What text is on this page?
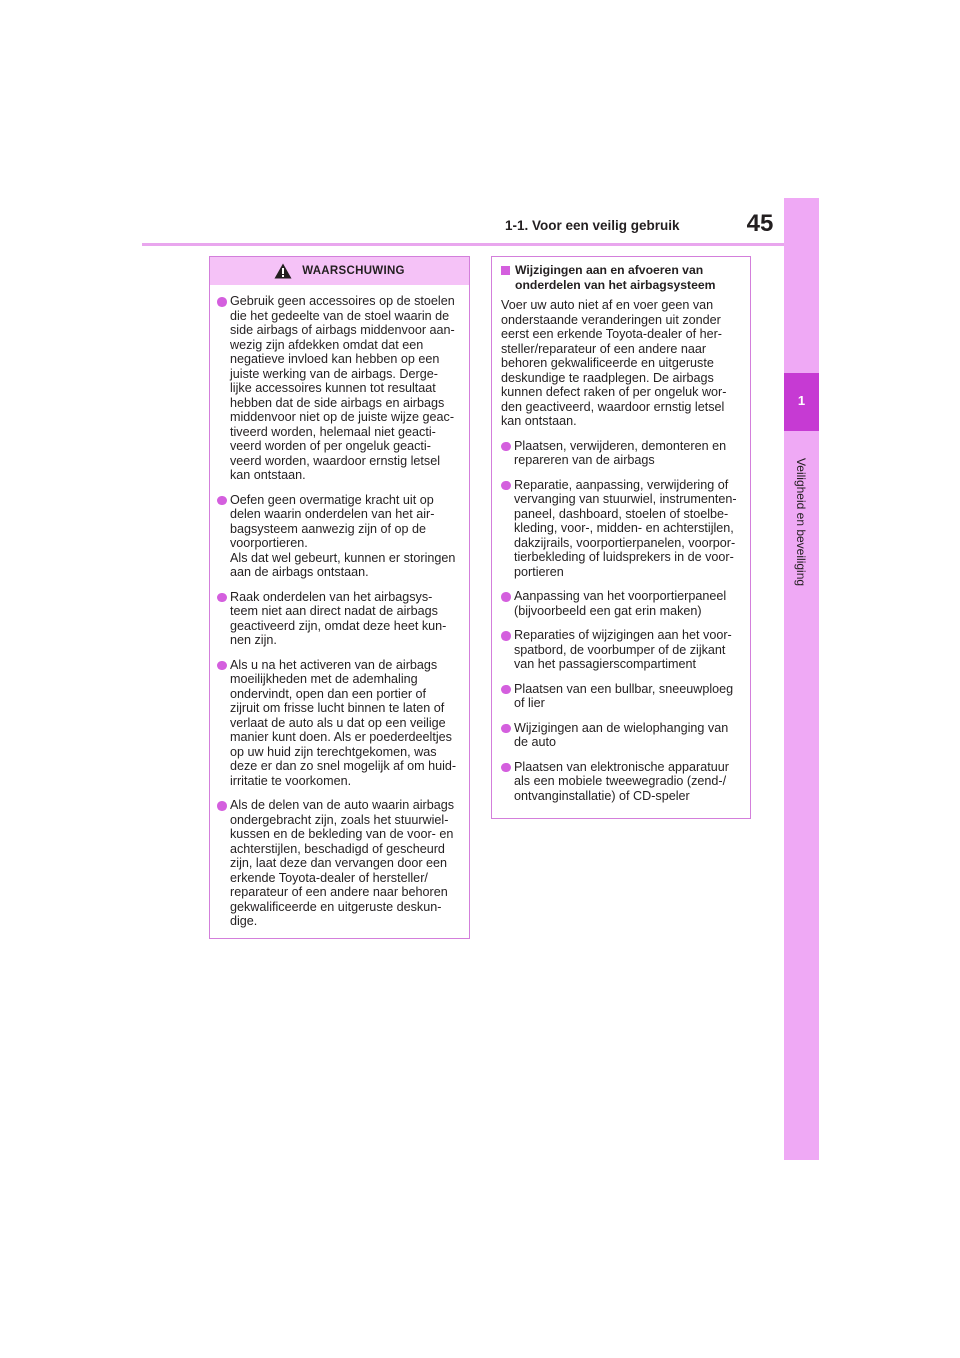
1-1. Voor een veilig gebruik	45
1
Veiligheid en beveiliging
WAARSCHUWING
Gebruik geen accessoires op de stoelen
die het gedeelte van de stoel waarin de
side airbags of airbags middenvoor aan-
wezig zijn afdekken omdat dat een
negatieve invloed kan hebben op een
juiste werking van de airbags. Derge-
lijke accessoires kunnen tot resultaat
hebben dat de side airbags en airbags
middenvoor niet op de juiste wijze geac-
tiveerd worden, helemaal niet geacti-
veerd worden of per ongeluk geacti-
veerd worden, waardoor ernstig letsel
kan ontstaan.
Oefen geen overmatige kracht uit op
delen waarin onderdelen van het air-
bagsysteem aanwezig zijn of op de
voorportieren.
Als dat wel gebeurt, kunnen er storingen
aan de airbags ontstaan.
Raak onderdelen van het airbagsys-
teem niet aan direct nadat de airbags
geactiveerd zijn, omdat deze heet kun-
nen zijn.
Als u na het activeren van de airbags
moeilijkheden met de ademhaling
ondervindt, open dan een portier of
zijruit om frisse lucht binnen te laten of
verlaat de auto als u dat op een veilige
manier kunt doen. Als er poederdeeltjes
op uw huid zijn terechtgekomen, was
deze er dan zo snel mogelijk af om huid-
irritatie te voorkomen.
Als de delen van de auto waarin airbags
ondergebracht zijn, zoals het stuurwiel-
kussen en de bekleding van de voor- en
achterstijlen, beschadigd of gescheurd
zijn, laat deze dan vervangen door een
erkende Toyota-dealer of hersteller/
reparateur of een andere naar behoren
gekwalificeerde en uitgeruste deskun-
dige.
Wijzigingen aan en afvoeren van
onderdelen van het airbagsysteem
Voer uw auto niet af en voer geen van
onderstaande veranderingen uit zonder
eerst een erkende Toyota-dealer of her-
steller/reparateur of een andere naar
behoren gekwalificeerde en uitgeruste
deskundige te raadplegen. De airbags
kunnen defect raken of per ongeluk wor-
den geactiveerd, waardoor ernstig letsel
kan ontstaan.
Plaatsen, verwijderen, demonteren en
repareren van de airbags
Reparatie, aanpassing, verwijdering of
vervanging van stuurwiel, instrumenten-
paneel, dashboard, stoelen of stoelbe-
kleding, voor-, midden- en achterstijlen,
dakzijrails, voorportierpanelen, voorpor-
tierbekleding of luidsprekers in de voor-
portieren
Aanpassing van het voorportierpaneel
(bijvoorbeeld een gat erin maken)
Reparaties of wijzigingen aan het voor-
spatbord, de voorbumper of de zijkant
van het passagierscompartiment
Plaatsen van een bullbar, sneeuwploeg
of lier
Wijzigingen aan de wielophanging van
de auto
Plaatsen van elektronische apparatuur
als een mobiele tweewegradio (zend-/
ontvanginstallatie) of CD-speler
